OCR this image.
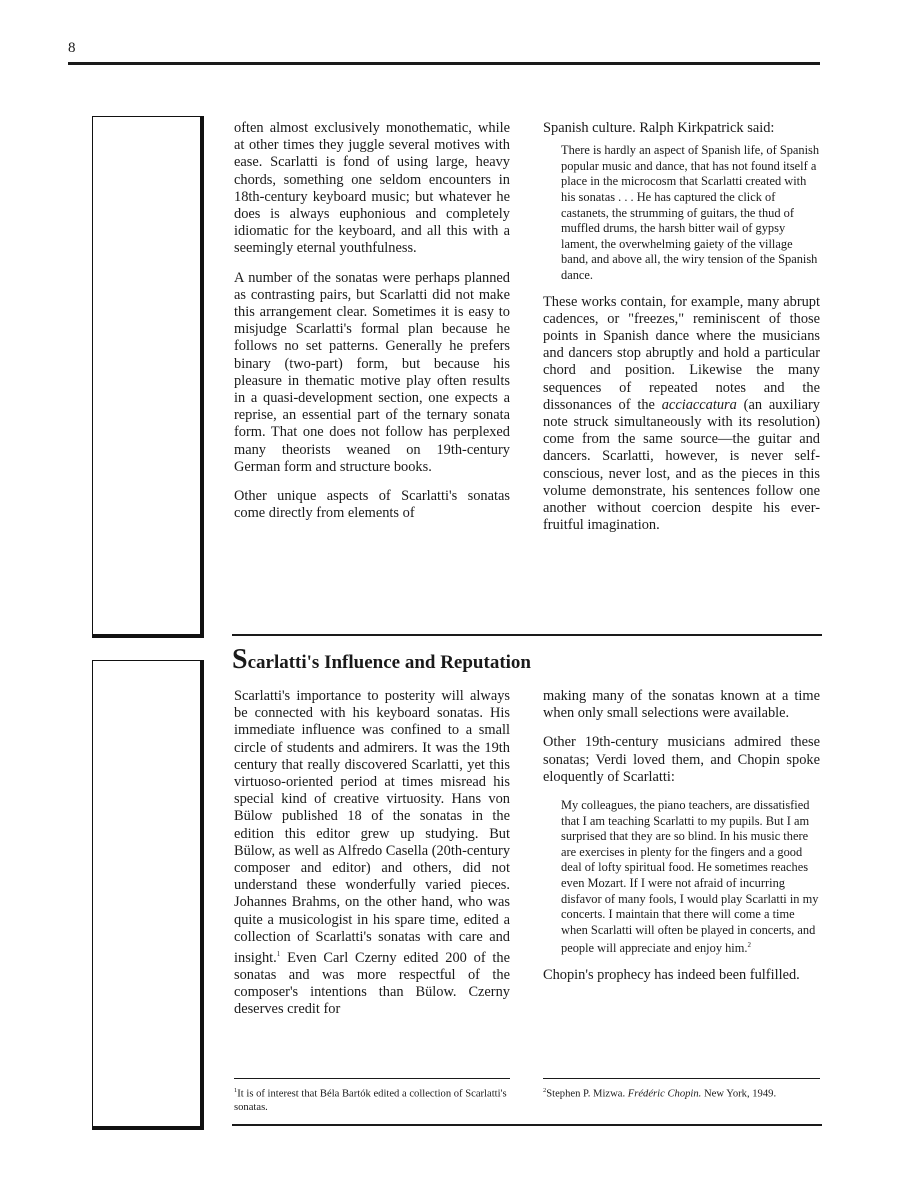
8

often almost exclusively monothematic, while at other times they juggle several motives with ease. Scarlatti is fond of using large, heavy chords, something one seldom encounters in 18th-century keyboard music; but whatever he does is always euphonious and completely idiomatic for the keyboard, and all this with a seemingly eternal youthfulness.

A number of the sonatas were perhaps planned as contrasting pairs, but Scarlatti did not make this arrangement clear. Sometimes it is easy to misjudge Scarlatti's formal plan because he follows no set patterns. Generally he prefers binary (two-part) form, but because his pleasure in thematic motive play often results in a quasi-development section, one expects a reprise, an essential part of the ternary sonata form. That one does not follow has perplexed many theorists weaned on 19th-century German form and structure books.

Other unique aspects of Scarlatti's sonatas come directly from elements of

Spanish culture. Ralph Kirkpatrick said:

There is hardly an aspect of Spanish life, of Spanish popular music and dance, that has not found itself a place in the microcosm that Scarlatti created with his sonatas . . . He has captured the click of castanets, the strumming of guitars, the thud of muffled drums, the harsh bitter wail of gypsy lament, the overwhelming gaiety of the village band, and above all, the wiry tension of the Spanish dance.

These works contain, for example, many abrupt cadences, or "freezes," reminiscent of those points in Spanish dance where the musicians and dancers stop abruptly and hold a particular chord and position. Likewise the many sequences of repeated notes and the dissonances of the acciaccatura (an auxiliary note struck simultaneously with its resolution) come from the same source—the guitar and dancers. Scarlatti, however, is never self-conscious, never lost, and as the pieces in this volume demonstrate, his sentences follow one another without coercion despite his ever-fruitful imagination.

Scarlatti's Influence and Reputation

Scarlatti's importance to posterity will always be connected with his keyboard sonatas. His immediate influence was confined to a small circle of students and admirers. It was the 19th century that really discovered Scarlatti, yet this virtuoso-oriented period at times misread his special kind of creative virtuosity. Hans von Bülow published 18 of the sonatas in the edition this editor grew up studying. But Bülow, as well as Alfredo Casella (20th-century composer and editor) and others, did not understand these wonderfully varied pieces. Johannes Brahms, on the other hand, who was quite a musicologist in his spare time, edited a collection of Scarlatti's sonatas with care and insight.$^1$ Even Carl Czerny edited 200 of the sonatas and was more respectful of the composer's intentions than Bülow. Czerny deserves credit for

making many of the sonatas known at a time when only small selections were available.

Other 19th-century musicians admired these sonatas; Verdi loved them, and Chopin spoke eloquently of Scarlatti:

My colleagues, the piano teachers, are dissatisfied that I am teaching Scarlatti to my pupils. But I am surprised that they are so blind. In his music there are exercises in plenty for the fingers and a good deal of lofty spiritual food. He sometimes reaches even Mozart. If I were not afraid of incurring disfavor of many fools, I would play Scarlatti in my concerts. I maintain that there will come a time when Scarlatti will often be played in concerts, and people will appreciate and enjoy him.$^2$

Chopin's prophecy has indeed been fulfilled.

$^1$It is of interest that Béla Bartók edited a collection of Scarlatti's sonatas.
$^2$Stephen P. Mizwa. Frédéric Chopin. New York, 1949.
